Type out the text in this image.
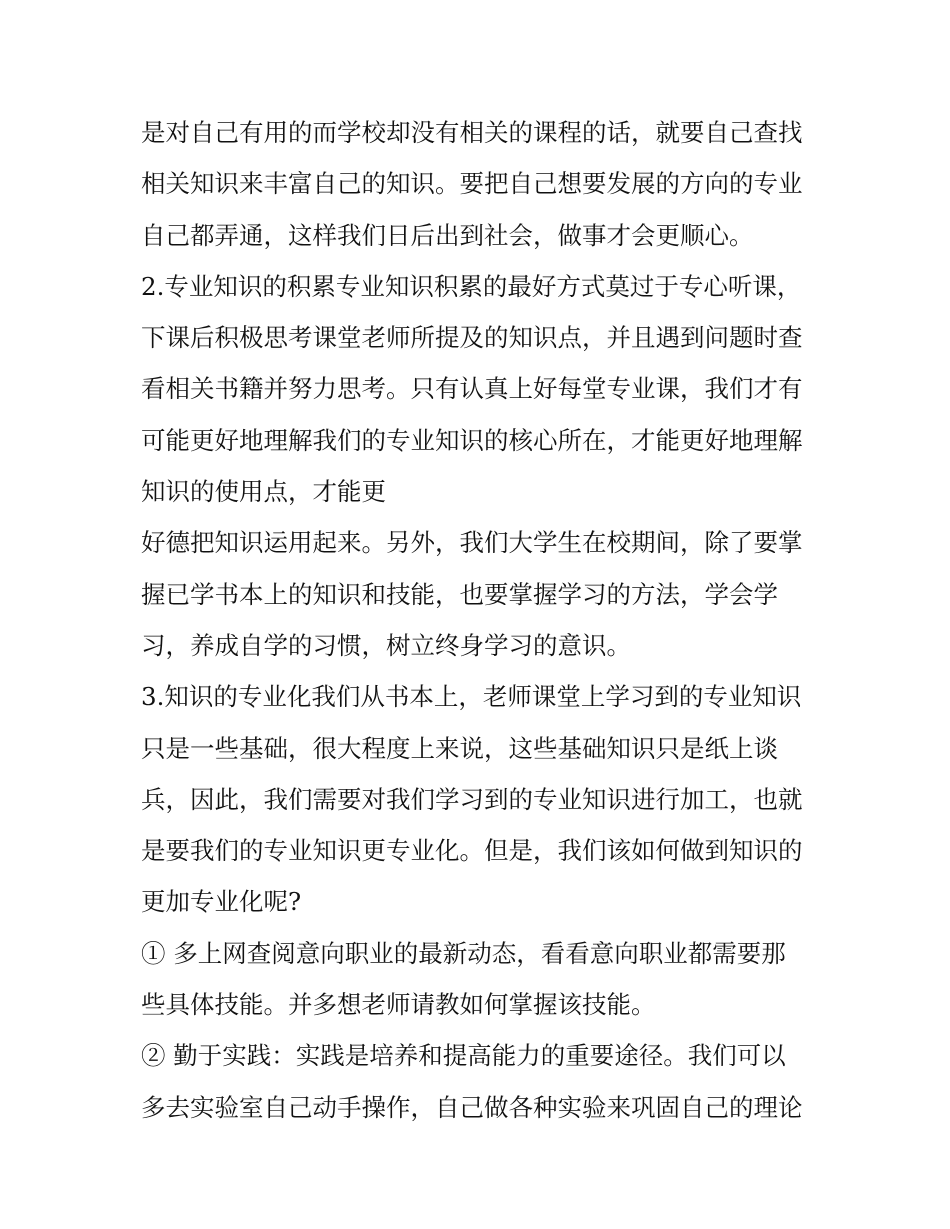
是对自己有用的而学校却没有相关的课程的话，就要自己查找
相关知识来丰富自己的知识。要把自己想要发展的方向的专业
自己都弄通，这样我们日后出到社会，做事才会更顺心。
2.专业知识的积累专业知识积累的最好方式莫过于专心听课，
下课后积极思考课堂老师所提及的知识点，并且遇到问题时查
看相关书籍并努力思考。只有认真上好每堂专业课，我们才有
可能更好地理解我们的专业知识的核心所在，才能更好地理解
知识的使用点，才能更
好德把知识运用起来。另外，我们大学生在校期间，除了要掌
握已学书本上的知识和技能，也要掌握学习的方法，学会学
习，养成自学的习惯，树立终身学习的意识。
3.知识的专业化我们从书本上，老师课堂上学习到的专业知识
只是一些基础，很大程度上来说，这些基础知识只是纸上谈
兵，因此，我们需要对我们学习到的专业知识进行加工，也就
是要我们的专业知识更专业化。但是，我们该如何做到知识的
更加专业化呢?
① 多上网查阅意向职业的最新动态，看看意向职业都需要那
些具体技能。并多想老师请教如何掌握该技能。
② 勤于实践：实践是培养和提高能力的重要途径。我们可以
多去实验室自己动手操作，自己做各种实验来巩固自己的理论
